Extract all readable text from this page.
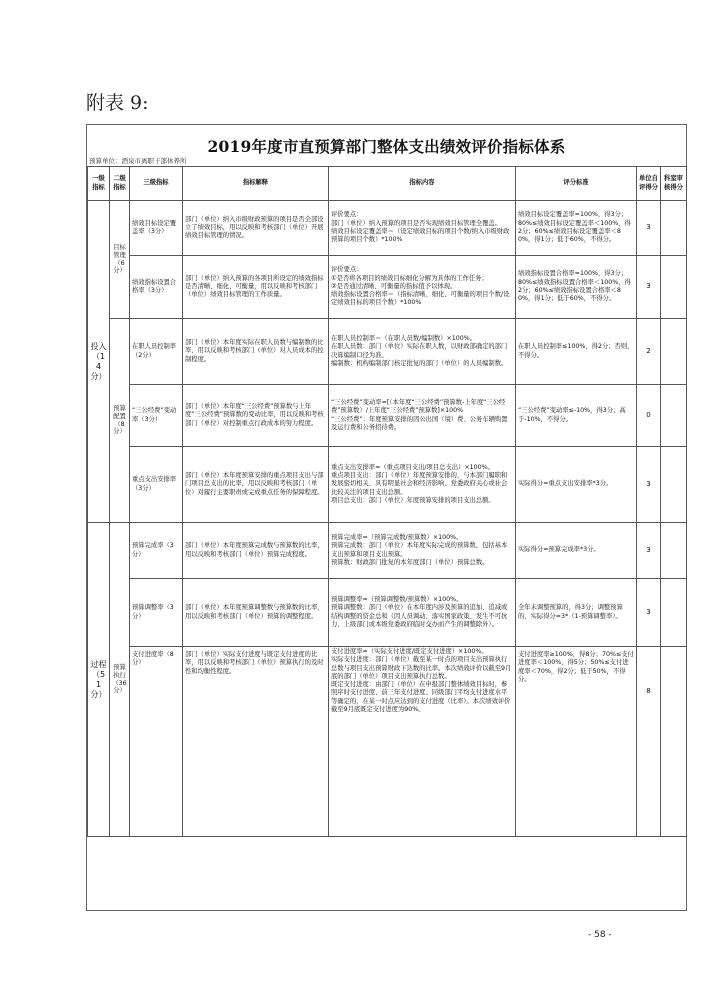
附表 9:
2019年度市直预算部门整体支出绩效评价指标体系
预算单位：酒泉市离职干部休养所
一级指标	二级指标	三级指标	指标解释	指标内容	评分标准	单位自评得分	科室审核得分
投入（14分）	目标管理（6分）	绩效目标设定覆盖率（3分）	部门（单位）纳入市级财政预算的项目是否全部设立了绩效目标，用以反映和考核部门（单位）开展绩效目标管理的情况。	评价要点：
部门（单位）纳入预算的项目是否实现绩效目标管理全覆盖。
绩效目标设定覆盖率＝（设定绩效目标的项目个数/纳入市级财政预算的项目个数）*100%	绩效目标设定覆盖率=100%，得3分；
80%≤绩效目标设定覆盖率＜100%，得2分；60%≤绩效目标设定覆盖率＜80%，得1分；低于60%，不得分。	3	
		绩效指标设置合格率（3分）	部门（单位）纳入预算的各项目所设定的绩效指标是否清晰、细化、可衡量，用以反映和考核部门（单位）绩效目标管理的工作质量。	评价要点：
①是否将各项目的绩效目标细化分解为具体的工作任务；
②是否通过清晰、可衡量的指标值予以体现。
绩效指标设置合格率＝（指标清晰、细化、可衡量的项目个数/设定绩效目标的项目个数）*100%	绩效指标设置合格率=100%，得3分；
80%≤绩效指标设置合格率＜100%，得2分；60%≤绩效指标设置合格率＜80%，得1分；低于60%，不得分。	3	
	预算配置（8分）	在职人员控制率（2分）	部门（单位）本年度实际在职人员数与编制数的比率，用以反映和考核部门（单位）对人员成本的控制程度。	在职人员控制率＝（在职人员数/编制数）×100%。
在职人员数：部门（单位）实际在职人数，以财政部确定的部门决算编制口径为准。
编制数：机构编制部门核定批复的部门（单位）的人员编制数。	在职人员控制率≤100%，得2分；否则，不得分。	2	
		“三公经费”变动率（3分）	部门（单位）本年度“三公经费”预算数与上年度“三公经费”预算数的变动比率，用以反映和考核部门（单位）对控制重点行政成本的努力程度。	“三公经费”变动率=[（本年度“三公经费”预算数-上年度“三公经费”预算数）/上年度“三公经费”预算数]×100%
“三公经费”：年度预算安排的因公出国（境）费、公务车辆购置及运行费和公务招待费。	“三公经费”变动率≤-10%，得3分；高于-10%，不得分。	0	
		重点支出安排率（3分）	部门（单位）本年度预算安排的重点项目支出与部门项目总支出的比率，用以反映和考核部门（单位）对履行主要职责或完成重点任务的保障程度。	重点支出安排率=（重点项目支出/项目总支出）×100%。
重点项目支出：部门（单位）年度预算安排的，与本部门履职和发展密切相关、具有明显社会和经济影响、党委政府关心或社会比较关注的项目支出总额。
项目总支出：部门（单位）年度预算安排的项目支出总额。	实际得分=重点支出安排率*3分。	3	
过程（51分）	预算执行（36分）	预算完成率（3分）	部门（单位）本年度预算完成数与预算数的比率，用以反映和考核部门（单位）预算完成程度。	预算完成率=（预算完成数/预算数）×100%。
预算完成数：部门（单位）本年度实际完成的预算数，包括基本支出预算和项目支出预算。
预算数：财政部门批复的本年度部门（单位）预算总数。	实际得分=预算完成率*3分。	3	
		预算调整率（3分）	部门（单位）本年度预算调整数与预算数的比率，用以反映和考核部门（单位）预算的调整程度。	预算调整率=（预算调整数/预算数）×100%。
预算调整数：部门（单位）在本年度内涉及预算的追加、追减或结构调整的资金总和（因人员调动、落实国家政策、发生不可抗力、上级部门或本级党委政府临时交办而产生的调整除外）。	全年未调整预算的，得3分；调整预算的，实际得分=3*（1-预算调整率）。	3	
		支付进度率（8分）	部门（单位）实际支付进度与既定支付进度的比率，用以反映和考核部门（单位）预算执行的及时性和均衡性程度。	支付进度率=（实际支付进度/既定支付进度）×100%。
实际支付进度：部门（单位）截至某一时点的项目支出预算执行总数与项目支出预算财政下达数的比率。本次绩效评价以截至9月底的部门（单位）项目支出预算执行总数。
既定支付进度：由部门（单位）在申报部门整体绩效目标时，参照序时支付进度、前三年支付进度、同级部门平均支付进度水平等确定的，在某一时点应达到的支付进度（比率）。本次绩效评价截至9月底既定支付进度为90%。	支付进度率≥100%，得8分；70%≤支付进度率＜100%，得5分；50%≤支付进度率＜70%，得2分；低于50%，不得分。	8	
- 58 -
